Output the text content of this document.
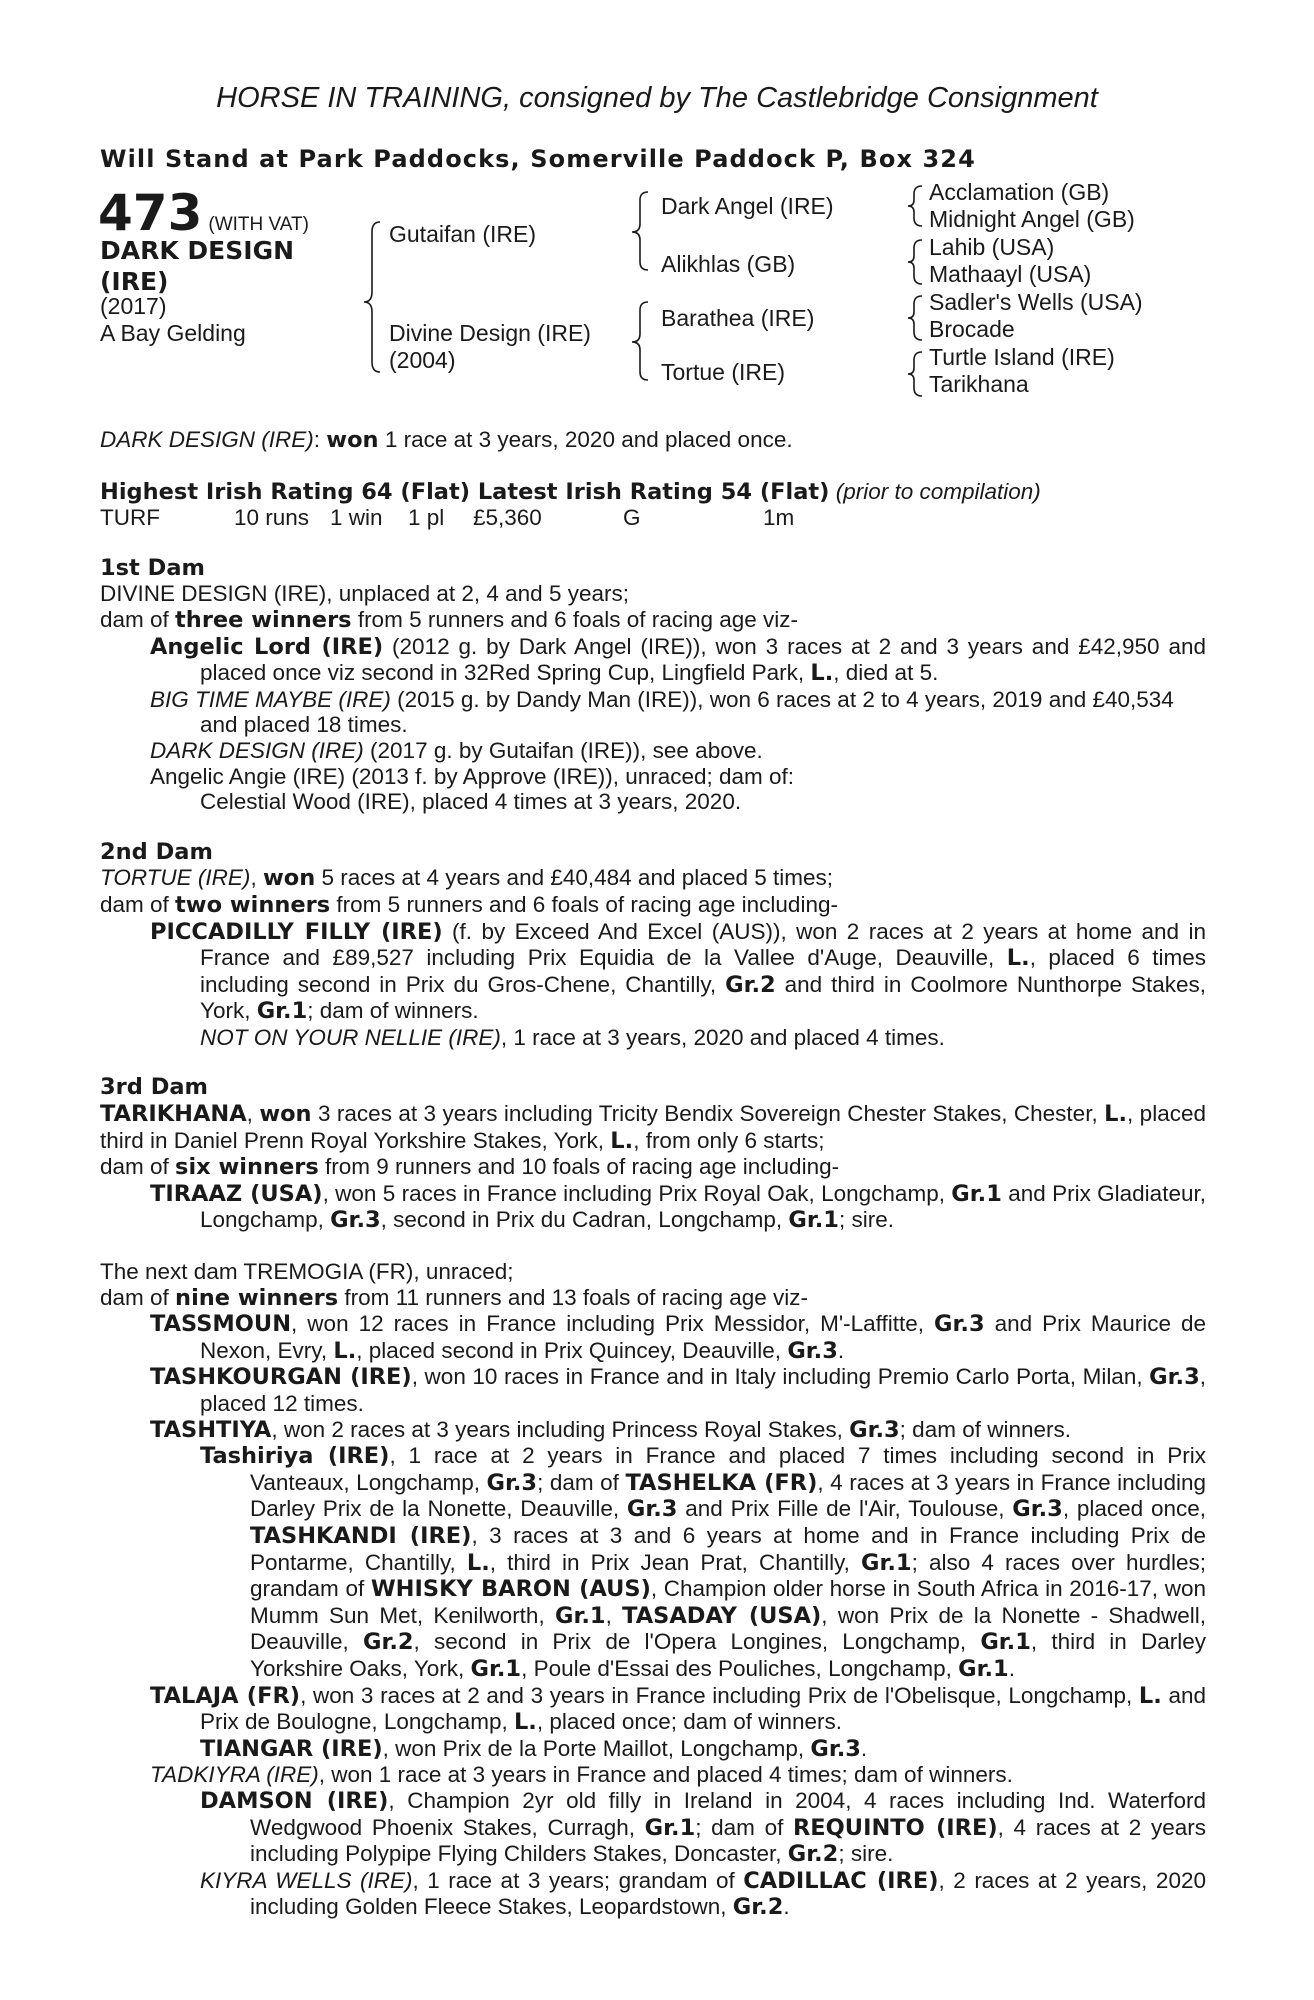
HORSE IN TRAINING, consigned by The Castlebridge Consignment
Will Stand at Park Paddocks, Somerville Paddock P, Box 324
473 (WITH VAT)
DARK DESIGN
(IRE)
(2017)
A Bay Gelding
Gutaifan (IRE)
Divine Design (IRE)
(2004)
Dark Angel (IRE)
Alikhlas (GB)
Barathea (IRE)
Tortue (IRE)
Acclamation (GB)
Midnight Angel (GB)
Lahib (USA)
Mathaayl (USA)
Sadler's Wells (USA)
Brocade
Turtle Island (IRE)
Tarikhana

DARK DESIGN (IRE): won 1 race at 3 years, 2020 and placed once.

Highest Irish Rating 64 (Flat) Latest Irish Rating 54 (Flat) (prior to compilation)

TURF	10 runs 1 win 1 pl £5,360	G	1m

1st Dam

DIVINE DESIGN (IRE), unplaced at 2, 4 and 5 years;

dam of three winners from 5 runners and 6 foals of racing age viz-

Angelic Lord (IRE) (2012 g. by Dark Angel (IRE)), won 3 races at 2 and 3 years and £42,950 and placed once viz second in 32Red Spring Cup, Lingfield Park, L., died at 5.

BIG TIME MAYBE (IRE) (2015 g. by Dandy Man (IRE)), won 6 races at 2 to 4 years, 2019 and £40,534 and placed 18 times.

DARK DESIGN (IRE) (2017 g. by Gutaifan (IRE)), see above.

Angelic Angie (IRE) (2013 f. by Approve (IRE)), unraced; dam of:

Celestial Wood (IRE), placed 4 times at 3 years, 2020.

2nd Dam

TORTUE (IRE), won 5 races at 4 years and £40,484 and placed 5 times;

dam of two winners from 5 runners and 6 foals of racing age including-

PICCADILLY FILLY (IRE) (f. by Exceed And Excel (AUS)), won 2 races at 2 years at home and in France and £89,527 including Prix Equidia de la Vallee d'Auge, Deauville, L., placed 6 times including second in Prix du Gros-Chene, Chantilly, Gr.2 and third in Coolmore Nunthorpe Stakes, York, Gr.1; dam of winners.

NOT ON YOUR NELLIE (IRE), 1 race at 3 years, 2020 and placed 4 times.

3rd Dam

TARIKHANA, won 3 races at 3 years including Tricity Bendix Sovereign Chester Stakes, Chester, L., placed third in Daniel Prenn Royal Yorkshire Stakes, York, L., from only 6 starts;

dam of six winners from 9 runners and 10 foals of racing age including-

TIRAAZ (USA), won 5 races in France including Prix Royal Oak, Longchamp, Gr.1 and Prix Gladiateur, Longchamp, Gr.3, second in Prix du Cadran, Longchamp, Gr.1; sire.

The next dam TREMOGIA (FR), unraced;

dam of nine winners from 11 runners and 13 foals of racing age viz-

TASSMOUN, won 12 races in France including Prix Messidor, M'-Laffitte, Gr.3 and Prix Maurice de Nexon, Evry, L., placed second in Prix Quincey, Deauville, Gr.3.

TASHKOURGAN (IRE), won 10 races in France and in Italy including Premio Carlo Porta, Milan, Gr.3, placed 12 times.

TASHTIYA, won 2 races at 3 years including Princess Royal Stakes, Gr.3; dam of winners.

Tashiriya (IRE), 1 race at 2 years in France and placed 7 times including second in Prix Vanteaux, Longchamp, Gr.3; dam of TASHELKA (FR), 4 races at 3 years in France including Darley Prix de la Nonette, Deauville, Gr.3 and Prix Fille de l'Air, Toulouse, Gr.3, placed once, TASHKANDI (IRE), 3 races at 3 and 6 years at home and in France including Prix de Pontarme, Chantilly, L., third in Prix Jean Prat, Chantilly, Gr.1; also 4 races over hurdles; grandam of WHISKY BARON (AUS), Champion older horse in South Africa in 2016-17, won Mumm Sun Met, Kenilworth, Gr.1, TASADAY (USA), won Prix de la Nonette - Shadwell, Deauville, Gr.2, second in Prix de l'Opera Longines, Longchamp, Gr.1, third in Darley Yorkshire Oaks, York, Gr.1, Poule d'Essai des Pouliches, Longchamp, Gr.1.

TALAJA (FR), won 3 races at 2 and 3 years in France including Prix de l'Obelisque, Longchamp, L. and Prix de Boulogne, Longchamp, L., placed once; dam of winners.

TIANGAR (IRE), won Prix de la Porte Maillot, Longchamp, Gr.3.

TADKIYRA (IRE), won 1 race at 3 years in France and placed 4 times; dam of winners.

DAMSON (IRE), Champion 2yr old filly in Ireland in 2004, 4 races including Ind. Waterford Wedgwood Phoenix Stakes, Curragh, Gr.1; dam of REQUINTO (IRE), 4 races at 2 years including Polypipe Flying Childers Stakes, Doncaster, Gr.2; sire.

KIYRA WELLS (IRE), 1 race at 3 years; grandam of CADILLAC (IRE), 2 races at 2 years, 2020 including Golden Fleece Stakes, Leopardstown, Gr.2.
